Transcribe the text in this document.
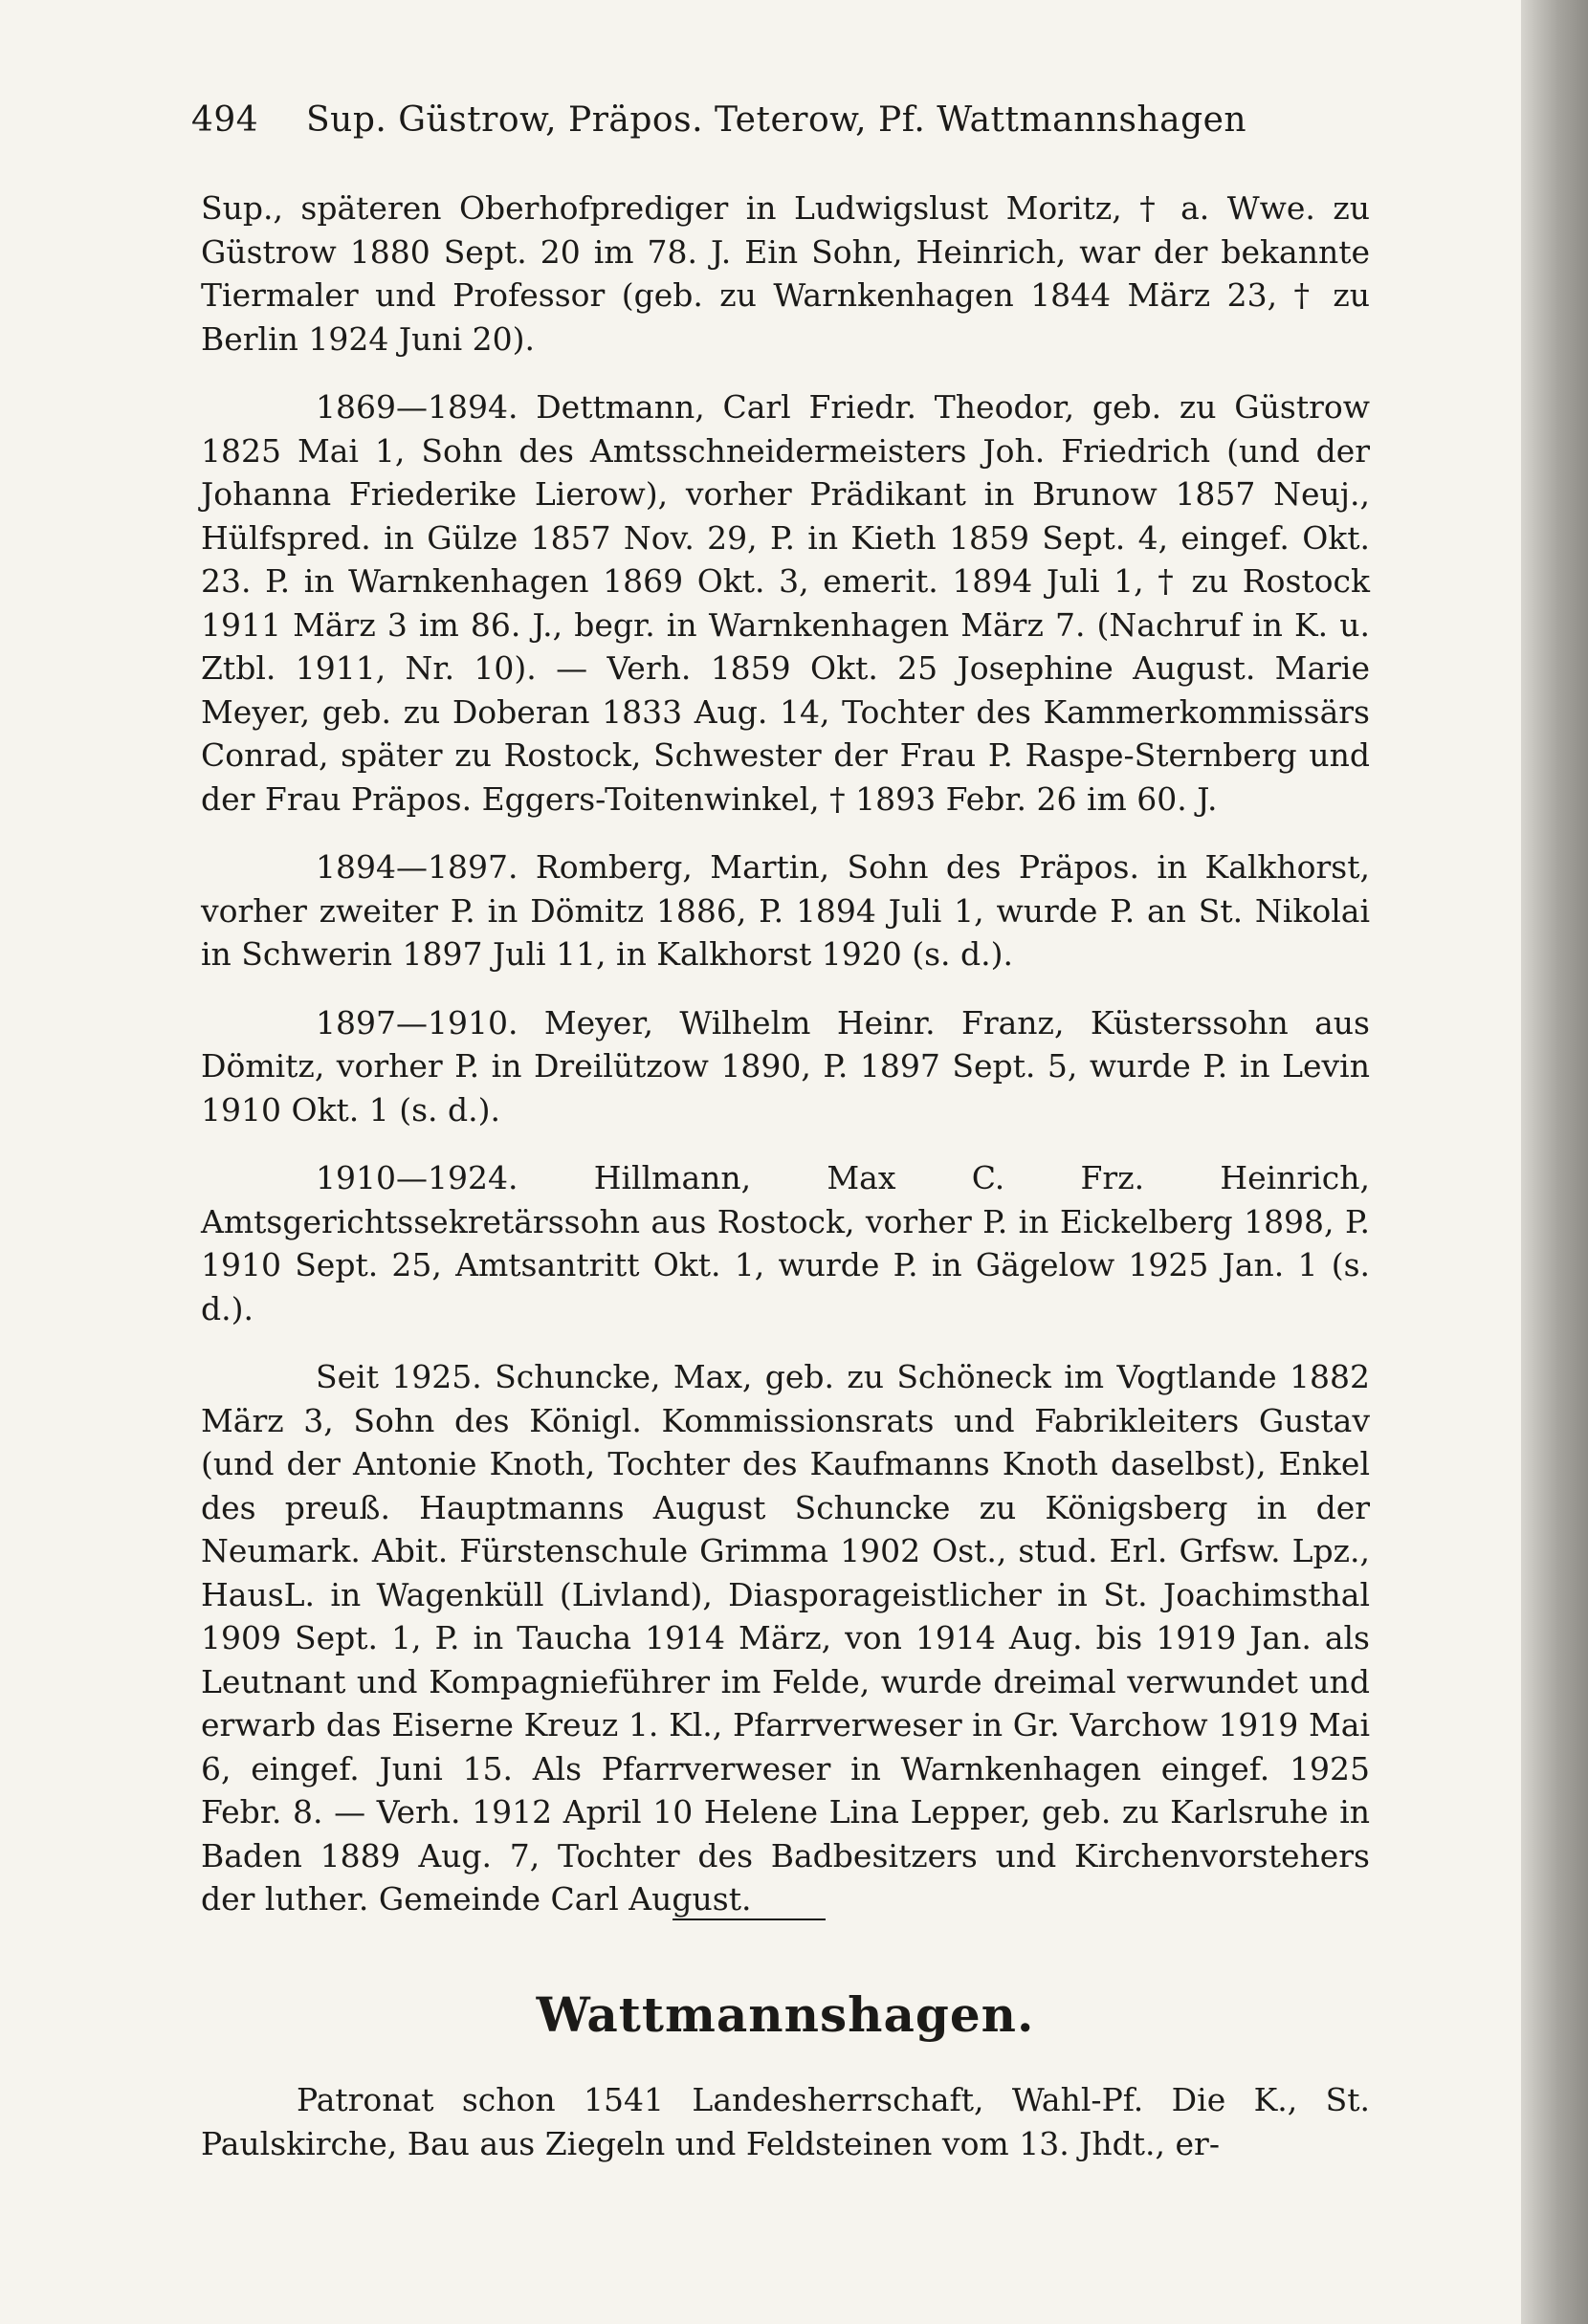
494	Sup. Güstrow, Präpos. Teterow, Pf. Wattmannshagen

Sup., späteren Oberhofprediger in Ludwigslust Moritz, † a. Wwe. zu Güstrow 1880 Sept. 20 im 78. J. Ein Sohn, Heinrich, war der bekannte Tiermaler und Professor (geb. zu Warnkenhagen 1844 März 23, † zu Berlin 1924 Juni 20).

1869—1894. Dettmann, Carl Friedr. Theodor, geb. zu Güstrow 1825 Mai 1, Sohn des Amtsschneidermeisters Joh. Friedrich (und der Johanna Friederike Lierow), vorher Prädikant in Brunow 1857 Neuj., Hülfspred. in Gülze 1857 Nov. 29, P. in Kieth 1859 Sept. 4, eingef. Okt. 23. P. in Warnkenhagen 1869 Okt. 3, emerit. 1894 Juli 1, † zu Rostock 1911 März 3 im 86. J., begr. in Warnkenhagen März 7. (Nachruf in K. u. Ztbl. 1911, Nr. 10). — Verh. 1859 Okt. 25 Josephine August. Marie Meyer, geb. zu Doberan 1833 Aug. 14, Tochter des Kammerkommissärs Conrad, später zu Rostock, Schwester der Frau P. Raspe-Sternberg und der Frau Präpos. Eggers-Toitenwinkel, † 1893 Febr. 26 im 60. J.

1894—1897. Romberg, Martin, Sohn des Präpos. in Kalkhorst, vorher zweiter P. in Dömitz 1886, P. 1894 Juli 1, wurde P. an St. Nikolai in Schwerin 1897 Juli 11, in Kalkhorst 1920 (s. d.).

1897—1910. Meyer, Wilhelm Heinr. Franz, Küsterssohn aus Dömitz, vorher P. in Dreilützow 1890, P. 1897 Sept. 5, wurde P. in Levin 1910 Okt. 1 (s. d.).

1910—1924. Hillmann, Max C. Frz. Heinrich, Amtsgerichtssekretärssohn aus Rostock, vorher P. in Eickelberg 1898, P. 1910 Sept. 25, Amtsantritt Okt. 1, wurde P. in Gägelow 1925 Jan. 1 (s. d.).

Seit 1925. Schuncke, Max, geb. zu Schöneck im Vogtlande 1882 März 3, Sohn des Königl. Kommissionsrats und Fabrikleiters Gustav (und der Antonie Knoth, Tochter des Kaufmanns Knoth daselbst), Enkel des preuß. Hauptmanns August Schuncke zu Königsberg in der Neumark. Abit. Fürstenschule Grimma 1902 Ost., stud. Erl. Grfsw. Lpz., HausL. in Wagenküll (Livland), Diasporageistlicher in St. Joachimsthal 1909 Sept. 1, P. in Taucha 1914 März, von 1914 Aug. bis 1919 Jan. als Leutnant und Kompagnieführer im Felde, wurde dreimal verwundet und erwarb das Eiserne Kreuz 1. Kl., Pfarrverweser in Gr. Varchow 1919 Mai 6, eingef. Juni 15. Als Pfarrverweser in Warnkenhagen eingef. 1925 Febr. 8. — Verh. 1912 April 10 Helene Lina Lepper, geb. zu Karlsruhe in Baden 1889 Aug. 7, Tochter des Badbesitzers und Kirchenvorstehers der luther. Gemeinde Carl August.

Wattmannshagen.

Patronat schon 1541 Landesherrschaft, Wahl-Pf. Die K., St. Paulskirche, Bau aus Ziegeln und Feldsteinen vom 13. Jhdt., er-
